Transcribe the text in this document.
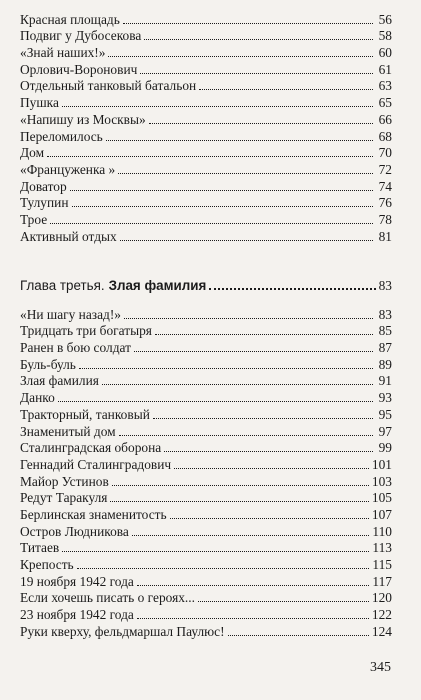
Красная площадь	56
Подвиг у Дубосекова	58
«Знай наших!»	60
Орлович-Воронович	61
Отдельный танковый батальон	63
Пушка	65
«Напишу из Москвы»	66
Переломилось	68
Дом	70
«Француженка »	72
Доватор	74
Тулупин	76
Трое	78
Активный отдых	81
Глава третья. Злая фамилия	83
«Ни шагу назад!»	83
Тридцать три богатыря	85
Ранен в бою солдат	87
Буль-буль	89
Злая фамилия	91
Данко	93
Тракторный, танковый	95
Знаменитый дом	97
Сталинградская оборона	99
Геннадий Сталинградович	101
Майор Устинов	103
Редут Таракуля	105
Берлинская знаменитость	107
Остров Людникова	110
Титаев	113
Крепость	115
19 ноября 1942 года	117
Если хочешь писать о героях...	120
23 ноября 1942 года	122
Руки кверху, фельдмаршал Паулюс!	124
345
